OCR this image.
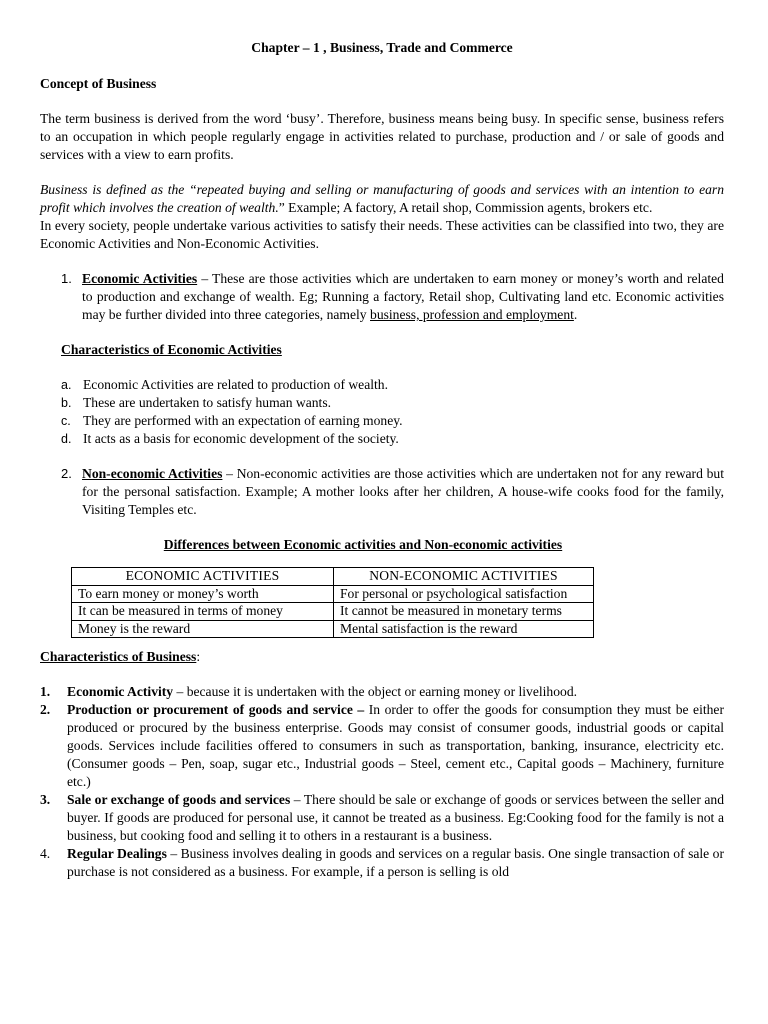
Chapter – 1 , Business, Trade and Commerce

Concept of Business

The term business is derived from the word ‘busy’. Therefore, business means being busy. In specific sense, business refers to an occupation in which people regularly engage in activities related to purchase, production and / or sale of goods and services with a view to earn profits.

Business is defined as the “repeated buying and selling or manufacturing of goods and services with an intention to earn profit which involves the creation of wealth.” Example; A factory, A retail shop, Commission agents, brokers etc.

In every society, people undertake various activities to satisfy their needs. These activities can be classified into two, they are Economic Activities and Non-Economic Activities.

1. Economic Activities – These are those activities which are undertaken to earn money or money’s worth and related to production and exchange of wealth. Eg; Running a factory, Retail shop, Cultivating land etc. Economic activities may be further divided into three categories, namely business, profession and employment.

Characteristics of Economic Activities

a. Economic Activities are related to production of wealth.
b. These are undertaken to satisfy human wants.
c. They are performed with an expectation of earning money.
d. It acts as a basis for economic development of the society.
2. Non-economic Activities – Non-economic activities are those activities which are undertaken not for any reward but for the personal satisfaction. Example; A mother looks after her children, A house-wife cooks food for the family, Visiting Temples etc.

Differences between Economic activities and Non-economic activities

ECONOMIC ACTIVITIES	NON-ECONOMIC ACTIVITIES
To earn money or money’s worth	For personal or psychological satisfaction
It can be measured in terms of money	It cannot be measured in monetary terms
Money is the reward	Mental satisfaction is the reward

Characteristics of Business:

1.	Economic Activity – because it is undertaken with the object or earning money or livelihood.
2.	Production or procurement of goods and service – In order to offer the goods for consumption they must be either produced or procured by the business enterprise. Goods may consist of consumer goods, industrial goods or capital goods. Services include facilities offered to consumers in such as transportation, banking, insurance, electricity etc. (Consumer goods – Pen, soap, sugar etc., Industrial goods – Steel, cement etc., Capital goods – Machinery, furniture etc.)
3.	Sale or exchange of goods and services – There should be sale or exchange of goods or services between the seller and buyer. If goods are produced for personal use, it cannot be treated as a business. Eg:Cooking food for the family is not a business, but cooking food and selling it to others in a restaurant is a business.
4.	Regular Dealings – Business involves dealing in goods and services on a regular basis. One single transaction of sale or purchase is not considered as a business. For example, if a person is selling is old
